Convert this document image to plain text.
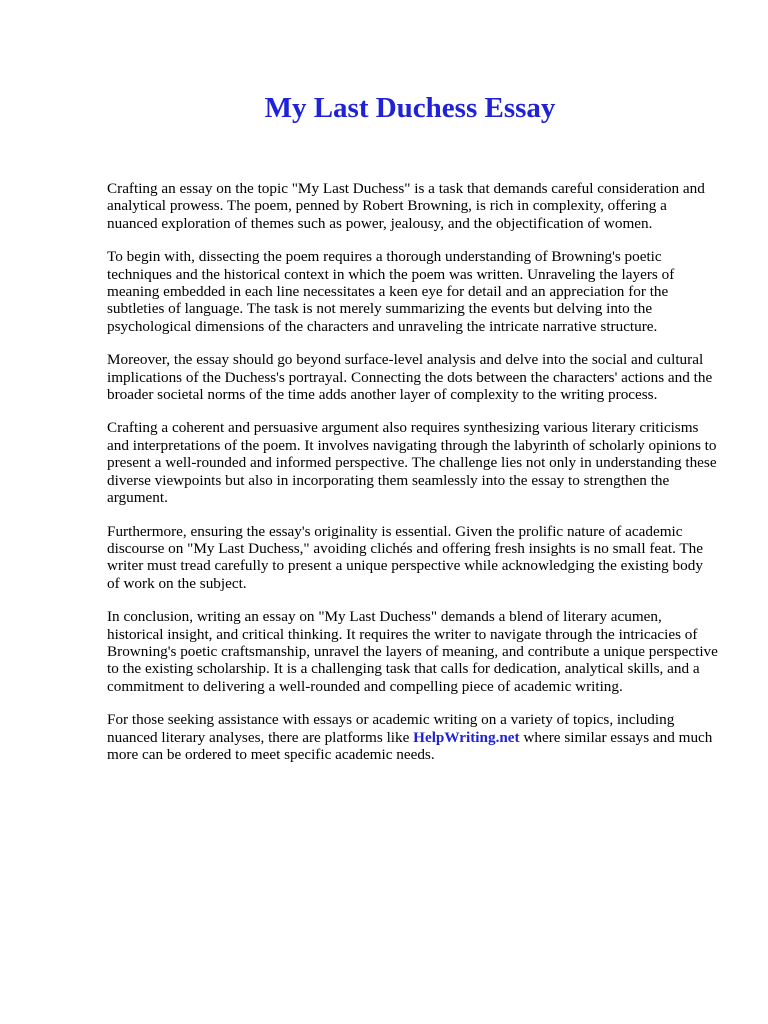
My Last Duchess Essay

Crafting an essay on the topic "My Last Duchess" is a task that demands careful consideration and analytical prowess. The poem, penned by Robert Browning, is rich in complexity, offering a nuanced exploration of themes such as power, jealousy, and the objectification of women.

To begin with, dissecting the poem requires a thorough understanding of Browning's poetic techniques and the historical context in which the poem was written. Unraveling the layers of meaning embedded in each line necessitates a keen eye for detail and an appreciation for the subtleties of language. The task is not merely summarizing the events but delving into the psychological dimensions of the characters and unraveling the intricate narrative structure.

Moreover, the essay should go beyond surface-level analysis and delve into the social and cultural implications of the Duchess's portrayal. Connecting the dots between the characters' actions and the broader societal norms of the time adds another layer of complexity to the writing process.

Crafting a coherent and persuasive argument also requires synthesizing various literary criticisms and interpretations of the poem. It involves navigating through the labyrinth of scholarly opinions to present a well-rounded and informed perspective. The challenge lies not only in understanding these diverse viewpoints but also in incorporating them seamlessly into the essay to strengthen the argument.

Furthermore, ensuring the essay's originality is essential. Given the prolific nature of academic discourse on "My Last Duchess," avoiding clichés and offering fresh insights is no small feat. The writer must tread carefully to present a unique perspective while acknowledging the existing body of work on the subject.

In conclusion, writing an essay on "My Last Duchess" demands a blend of literary acumen, historical insight, and critical thinking. It requires the writer to navigate through the intricacies of Browning's poetic craftsmanship, unravel the layers of meaning, and contribute a unique perspective to the existing scholarship. It is a challenging task that calls for dedication, analytical skills, and a commitment to delivering a well-rounded and compelling piece of academic writing.

For those seeking assistance with essays or academic writing on a variety of topics, including nuanced literary analyses, there are platforms like HelpWriting.net where similar essays and much more can be ordered to meet specific academic needs.
